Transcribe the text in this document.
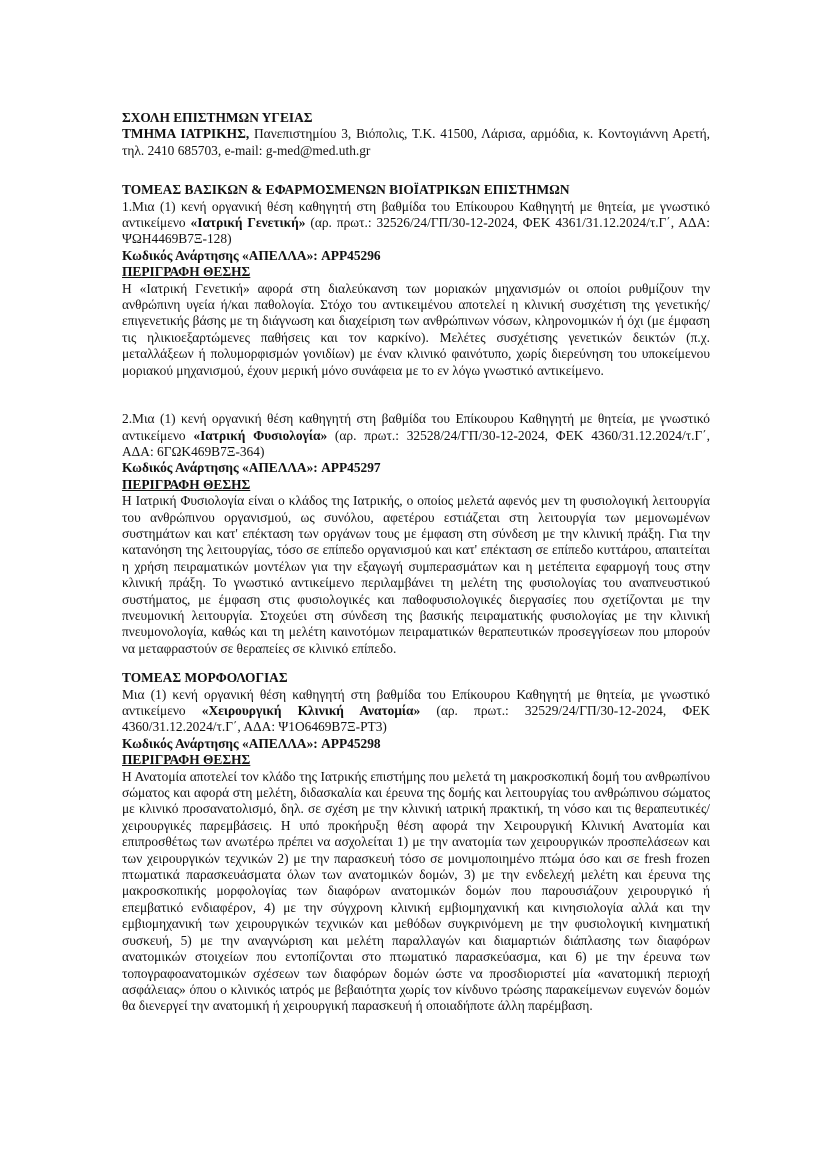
ΣΧΟΛΗ ΕΠΙΣΤΗΜΩΝ ΥΓΕΙΑΣ

ΤΜΗΜΑ ΙΑΤΡΙΚΗΣ, Πανεπιστημίου 3, Βιόπολις, Τ.Κ. 41500, Λάρισα, αρμόδια, κ. Κοντογιάννη Αρετή, τηλ. 2410 685703, e-mail: g-med@med.uth.gr

ΤΟΜΕΑΣ ΒΑΣΙΚΩΝ & ΕΦΑΡΜΟΣΜΕΝΩΝ ΒΙΟΪΑΤΡΙΚΩΝ ΕΠΙΣΤΗΜΩΝ

1.Μια (1) κενή οργανική θέση καθηγητή στη βαθμίδα του Επίκουρου Καθηγητή με θητεία, με γνωστικό αντικείμενο «Ιατρική Γενετική» (αρ. πρωτ.: 32526/24/ΓΠ/30-12-2024, ΦΕΚ 4361/31.12.2024/τ.Γ΄, ΑΔΑ: ΨΩΗ4469Β7Ξ-128)

Κωδικός Ανάρτησης «ΑΠΕΛΛΑ»: APP45296

ΠΕΡΙΓΡΑΦΗ ΘΕΣΗΣ

Η «Ιατρική Γενετική» αφορά στη διαλεύκανση των μοριακών μηχανισμών οι οποίοι ρυθμίζουν την ανθρώπινη υγεία ή/και παθολογία. Στόχο του αντικειμένου αποτελεί η κλινική συσχέτιση της γενετικής/επιγενετικής βάσης με τη διάγνωση και διαχείριση των ανθρώπινων νόσων, κληρονομικών ή όχι (με έμφαση τις ηλικιοεξαρτώμενες παθήσεις και τον καρκίνο). Μελέτες συσχέτισης γενετικών δεικτών (π.χ. μεταλλάξεων ή πολυμορφισμών γονιδίων) με έναν κλινικό φαινότυπο, χωρίς διερεύνηση του υποκείμενου μοριακού μηχανισμού, έχουν μερική μόνο συνάφεια με το εν λόγω γνωστικό αντικείμενο.

2.Μια (1) κενή οργανική θέση καθηγητή στη βαθμίδα του Επίκουρου Καθηγητή με θητεία, με γνωστικό αντικείμενο «Ιατρική Φυσιολογία» (αρ. πρωτ.: 32528/24/ΓΠ/30-12-2024, ΦΕΚ 4360/31.12.2024/τ.Γ΄, ΑΔΑ: 6ΓΩΚ469Β7Ξ-364)

Κωδικός Ανάρτησης «ΑΠΕΛΛΑ»: APP45297

ΠΕΡΙΓΡΑΦΗ ΘΕΣΗΣ

Η Ιατρική Φυσιολογία είναι ο κλάδος της Ιατρικής, ο οποίος μελετά αφενός μεν τη φυσιολογική λειτουργία του ανθρώπινου οργανισμού, ως συνόλου, αφετέρου εστιάζεται στη λειτουργία των μεμονωμένων συστημάτων και κατ' επέκταση των οργάνων τους με έμφαση στη σύνδεση με την κλινική πράξη. Για την κατανόηση της λειτουργίας, τόσο σε επίπεδο οργανισμού και κατ' επέκταση σε επίπεδο κυττάρου, απαιτείται η χρήση πειραματικών μοντέλων για την εξαγωγή συμπερασμάτων και η μετέπειτα εφαρμογή τους στην κλινική πράξη. Το γνωστικό αντικείμενο περιλαμβάνει τη μελέτη της φυσιολογίας του αναπνευστικού συστήματος, με έμφαση στις φυσιολογικές και παθοφυσιολογικές διεργασίες που σχετίζονται με την πνευμονική λειτουργία. Στοχεύει στη σύνδεση της βασικής πειραματικής φυσιολογίας με την κλινική πνευμονολογία, καθώς και τη μελέτη καινοτόμων πειραματικών θεραπευτικών προσεγγίσεων που μπορούν να μεταφραστούν σε θεραπείες σε κλινικό επίπεδο.

ΤΟΜΕΑΣ ΜΟΡΦΟΛΟΓΙΑΣ

Μια (1) κενή οργανική θέση καθηγητή στη βαθμίδα του Επίκουρου Καθηγητή με θητεία, με γνωστικό αντικείμενο «Χειρουργική Κλινική Ανατομία» (αρ. πρωτ.: 32529/24/ΓΠ/30-12-2024, ΦΕΚ 4360/31.12.2024/τ.Γ΄, ΑΔΑ: Ψ1Ο6469Β7Ξ-ΡΤ3)

Κωδικός Ανάρτησης «ΑΠΕΛΛΑ»: APP45298

ΠΕΡΙΓΡΑΦΗ ΘΕΣΗΣ

Η Ανατομία αποτελεί τον κλάδο της Ιατρικής επιστήμης που μελετά τη μακροσκοπική δομή του ανθρωπίνου σώματος και αφορά στη μελέτη, διδασκαλία και έρευνα της δομής και λειτουργίας του ανθρώπινου σώματος με κλινικό προσανατολισμό, δηλ. σε σχέση με την κλινική ιατρική πρακτική, τη νόσο και τις θεραπευτικές/χειρουργικές παρεμβάσεις. Η υπό προκήρυξη θέση αφορά την Χειρουργική Κλινική Ανατομία και επιπροσθέτως των ανωτέρω πρέπει να ασχολείται 1) με την ανατομία των χειρουργικών προσπελάσεων και των χειρουργικών τεχνικών 2) με την παρασκευή τόσο σε μονιμοποιημένο πτώμα όσο και σε fresh frozen πτωματικά παρασκευάσματα όλων των ανατομικών δομών, 3) με την ενδελεχή μελέτη και έρευνα της μακροσκοπικής μορφολογίας των διαφόρων ανατομικών δομών που παρουσιάζουν χειρουργικό ή επεμβατικό ενδιαφέρον, 4) με την σύγχρονη κλινική εμβιομηχανική και κινησιολογία αλλά και την εμβιομηχανική των χειρουργικών τεχνικών και μεθόδων συγκρινόμενη με την φυσιολογική κινηματική συσκευή, 5) με την αναγνώριση και μελέτη παραλλαγών και διαμαρτιών διάπλασης των διαφόρων ανατομικών στοιχείων που εντοπίζονται στο πτωματικό παρασκεύασμα, και 6) με την έρευνα των τοπογραφοανατομικών σχέσεων των διαφόρων δομών ώστε να προσδιοριστεί μία «ανατομική περιοχή ασφάλειας» όπου ο κλινικός ιατρός με βεβαιότητα χωρίς τον κίνδυνο τρώσης παρακείμενων ευγενών δομών θα διενεργεί την ανατομική ή χειρουργική παρασκευή ή οποιαδήποτε άλλη παρέμβαση.
